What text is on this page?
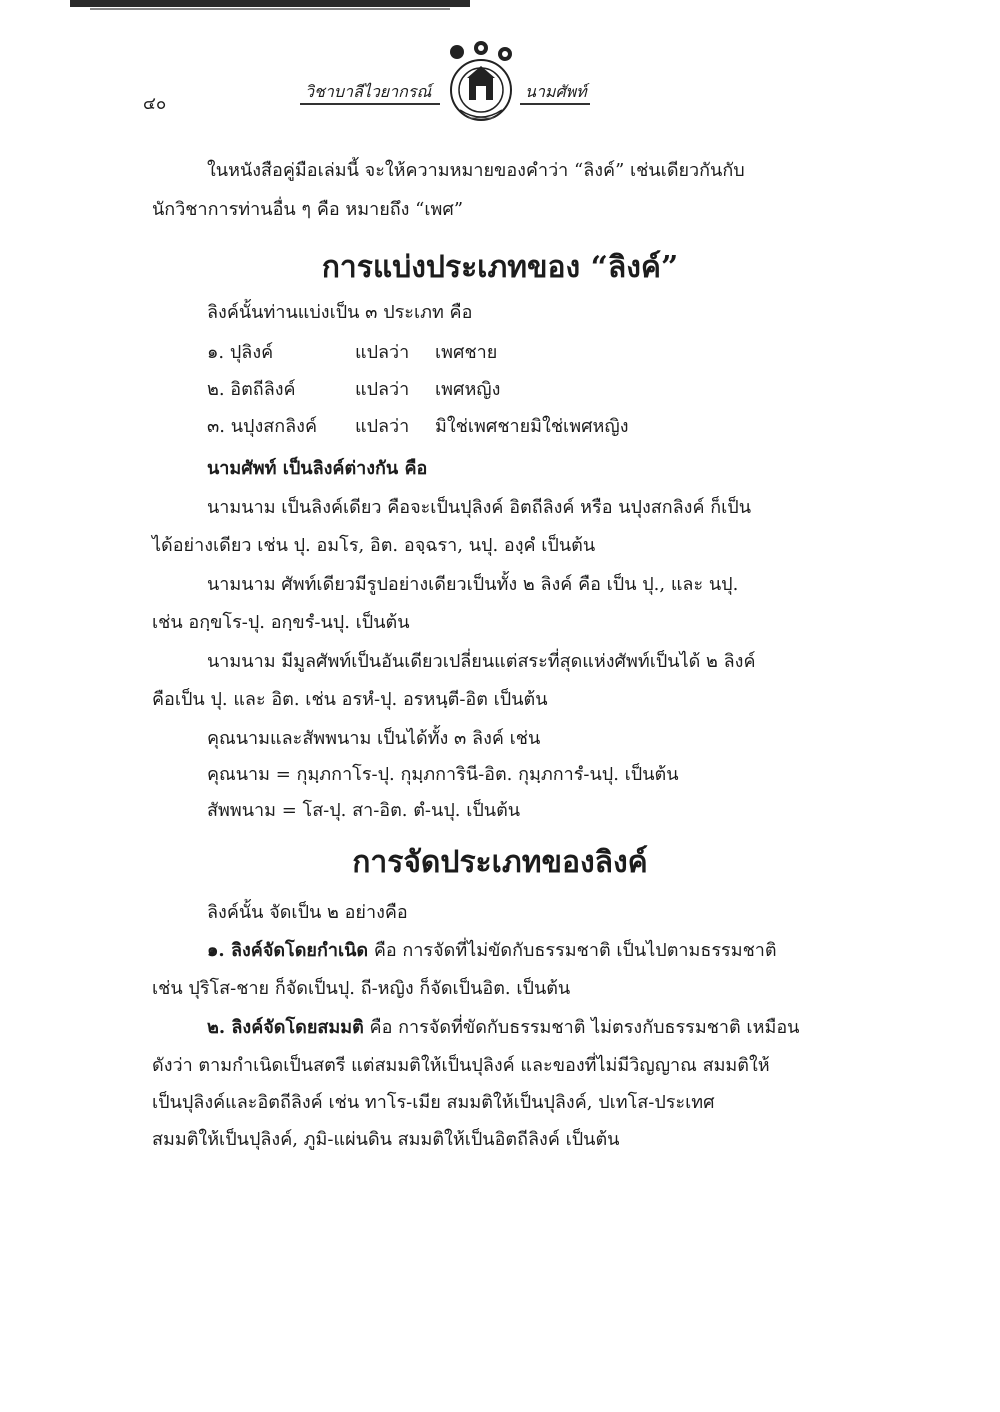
๔๐
วิชาบาลีไวยากรณ์	นามศัพท์
ในหนังสือคู่มือเล่มนี้ จะให้ความหมายของคำว่า “ลิงค์” เช่นเดียวกันกับ
นักวิชาการท่านอื่น ๆ คือ หมายถึง “เพศ”
การแบ่งประเภทของ “ลิงค์”
ลิงค์นั้นท่านแบ่งเป็น ๓ ประเภท คือ
๑. ปุลิงค์	แปลว่า เพศชาย
๒. อิตถีลิงค์	แปลว่า เพศหญิง
๓. นปุงสกลิงค์ แปลว่า มิใช่เพศชายมิใช่เพศหญิง
นามศัพท์ เป็นลิงค์ต่างกัน คือ
นามนาม เป็นลิงค์เดียว คือจะเป็นปุลิงค์ อิตถีลิงค์ หรือ นปุงสกลิงค์ ก็เป็น
ได้อย่างเดียว เช่น ปุ. อมโร, อิต. อจฺฉรา, นปุ. องฺคํ เป็นต้น
นามนาม ศัพท์เดียวมีรูปอย่างเดียวเป็นทั้ง ๒ ลิงค์ คือ เป็น ปุ., และ นปุ.
เช่น อกฺขโร-ปุ. อกฺขรํ-นปุ. เป็นต้น
นามนาม มีมูลศัพท์เป็นอันเดียวเปลี่ยนแต่สระที่สุดแห่งศัพท์เป็นได้ ๒ ลิงค์
คือเป็น ปุ. และ อิต. เช่น อรหํ-ปุ. อรหนฺตี-อิต เป็นต้น
คุณนามและสัพพนาม เป็นได้ทั้ง ๓ ลิงค์ เช่น
คุณนาม = กุมฺภกาโร-ปุ. กุมฺภการินี-อิต. กุมฺภการํ-นปุ. เป็นต้น
สัพพนาม = โส-ปุ. สา-อิต. ตํ-นปุ. เป็นต้น
การจัดประเภทของลิงค์
ลิงค์นั้น จัดเป็น ๒ อย่างคือ
๑. ลิงค์จัดโดยกำเนิด คือ การจัดที่ไม่ขัดกับธรรมชาติ เป็นไปตามธรรมชาติ
เช่น ปุริโส-ชาย ก็จัดเป็นปุ. ถี-หญิง ก็จัดเป็นอิต. เป็นต้น
๒. ลิงค์จัดโดยสมมติ คือ การจัดที่ขัดกับธรรมชาติ ไม่ตรงกับธรรมชาติ เหมือน
ดังว่า ตามกำเนิดเป็นสตรี แต่สมมติให้เป็นปุลิงค์ และของที่ไม่มีวิญญาณ สมมติให้
เป็นปุลิงค์และอิตถีลิงค์ เช่น ทาโร-เมีย สมมติให้เป็นปุลิงค์, ปเทโส-ประเทศ
สมมติให้เป็นปุลิงค์, ภูมิ-แผ่นดิน สมมติให้เป็นอิตถีลิงค์ เป็นต้น
